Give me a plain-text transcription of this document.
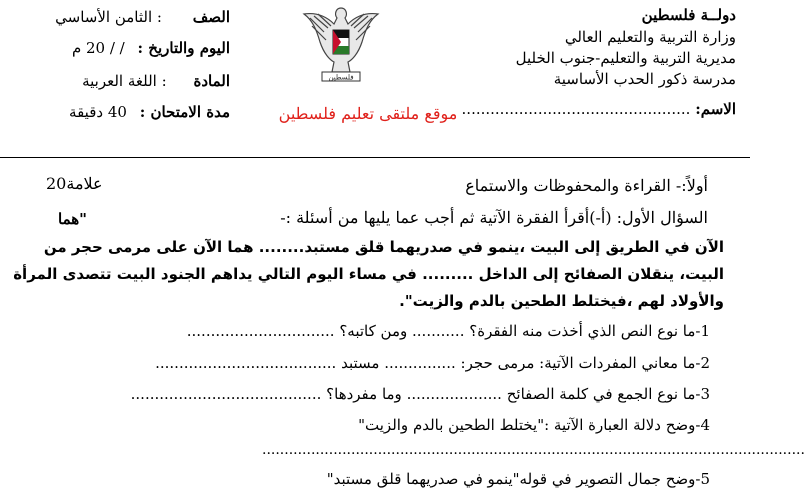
دولــة فلسطين
وزارة التربية والتعليم العالي
مديرية التربية والتعليم-جنوب الخليل
مدرسة ذكور الحدب الأساسية
الاسم: ................................................
فلسطين
الصف : الثامن الأساسي
اليوم والتاريخ : / / 20 م
المادة : اللغة العربية
مدة الامتحان : 40 دقيقة	موقع ملتقى تعليم فلسطين
أولاً:- القراءة والمحفوظات والاستماع
20علامة
السؤال الأول: (أ-)أقرأ الفقرة الآتية ثم أجب عما يليها من أسئلة :-
"هما
الآن في الطريق إلى البيت ،ينمو في صدريهما قلق مستبد........ هما الآن على مرمى حجر من
البيت، ينقلان الصفائح إلى الداخل ......... في مساء اليوم التالي يداهم الجنود البيت تتصدى المرأة
والأولاد لهم ،فيختلط الطحين بالدم والزيت".
1-ما نوع النص الذي أخذت منه الفقرة؟ ........... ومن كاتبه؟ ...............................
2-ما معاني المفردات الآتية: مرمى حجر: ............... مستبد ......................................
3-ما نوع الجمع في كلمة الصفائح .................... وما مفردها؟ ........................................
4-وضح دلالة العبارة الآتية :"يختلط الطحين بالدم والزيت"
..........................................................................................................................
5-وضح جمال التصوير في قوله"ينمو في صدريهما قلق مستبد"
